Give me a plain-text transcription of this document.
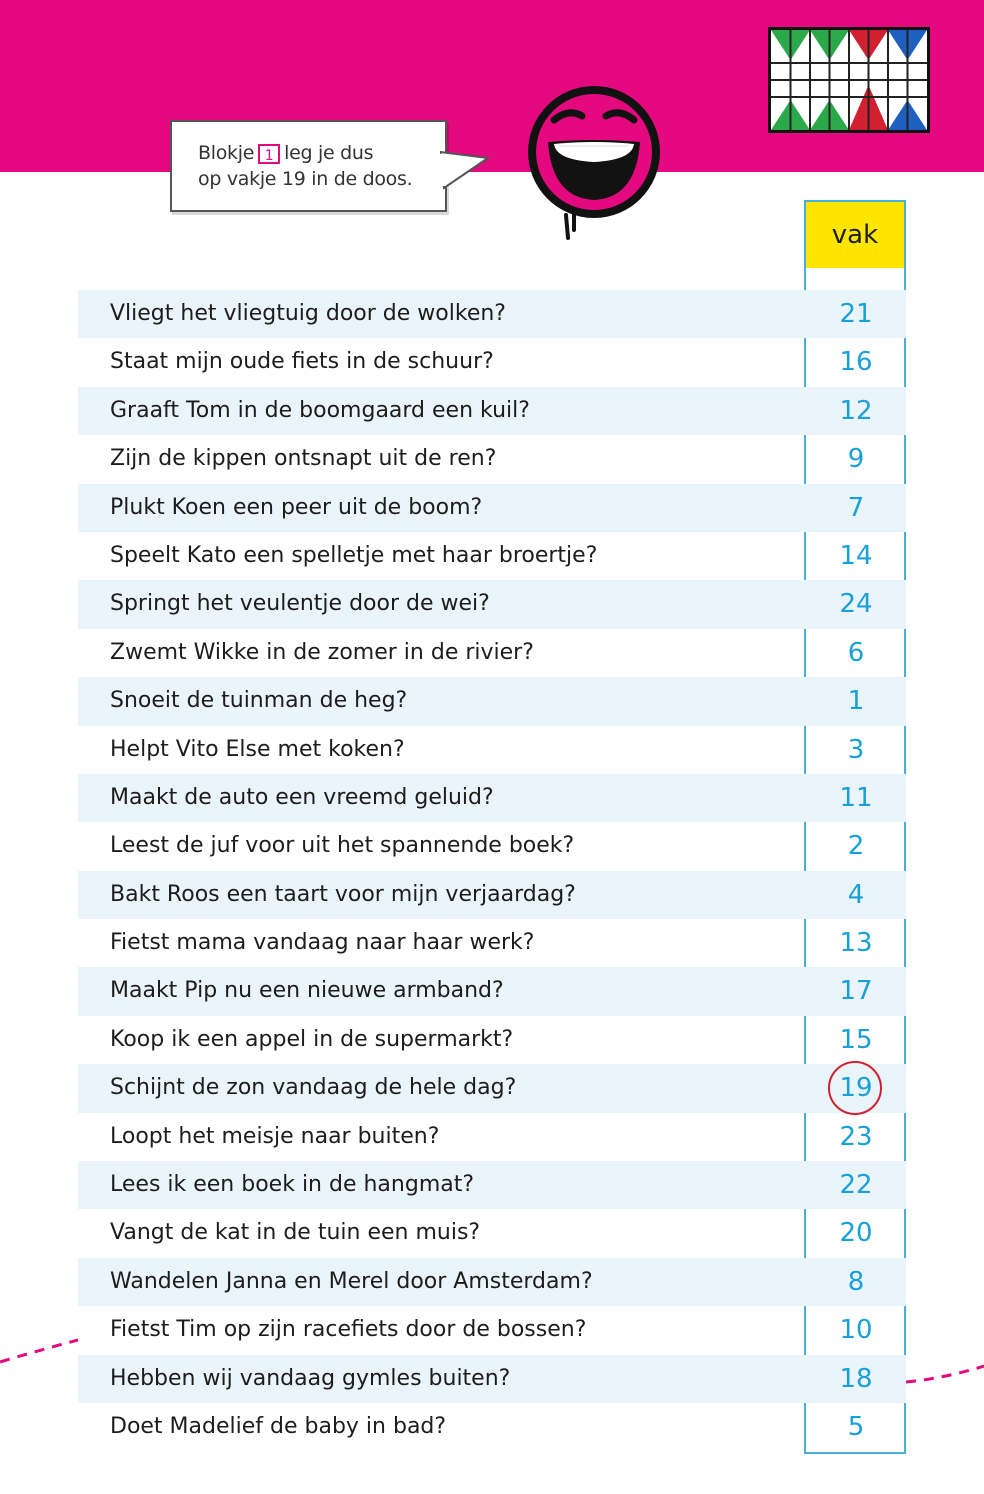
Blokje 1 leg je dus
op vakje 19 in de doos.
vak
Vliegt het vliegtuig door de wolken?	21
Staat mijn oude fiets in de schuur?	16
Graaft Tom in de boomgaard een kuil?	12
Zijn de kippen ontsnapt uit de ren?	9
Plukt Koen een peer uit de boom?	7
Speelt Kato een spelletje met haar broertje?	14
Springt het veulentje door de wei?	24
Zwemt Wikke in de zomer in de rivier?	6
Snoeit de tuinman de heg?	1
Helpt Vito Else met koken?	3
Maakt de auto een vreemd geluid?	11
Leest de juf voor uit het spannende boek?	2
Bakt Roos een taart voor mijn verjaardag?	4
Fietst mama vandaag naar haar werk?	13
Maakt Pip nu een nieuwe armband?	17
Koop ik een appel in de supermarkt?	15
Schijnt de zon vandaag de hele dag?	19
Loopt het meisje naar buiten?	23
Lees ik een boek in de hangmat?	22
Vangt de kat in de tuin een muis?	20
Wandelen Janna en Merel door Amsterdam?	8
Fietst Tim op zijn racefiets door de bossen?	10
Hebben wij vandaag gymles buiten?	18
Doet Madelief de baby in bad?	5
